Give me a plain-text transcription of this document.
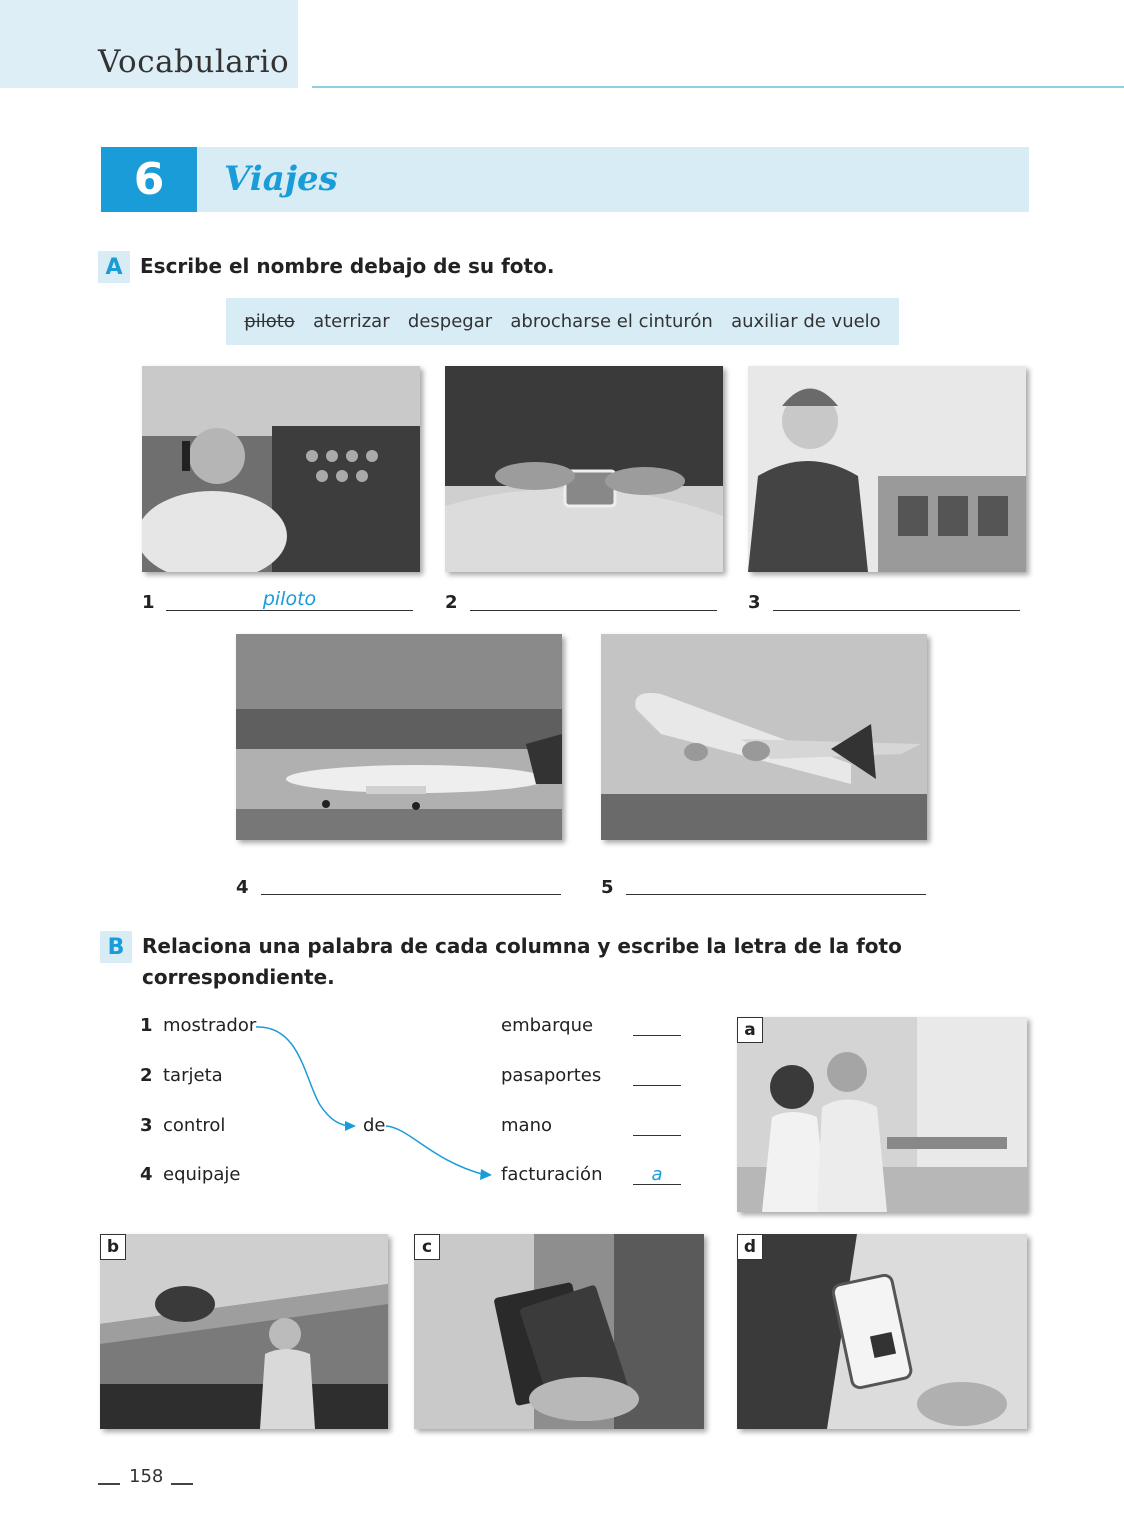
Vocabulario
6	Viajes
A Escribe el nombre debajo de su foto.
piloto aterrizar despegar abrocharse el cinturón auxiliar de vuelo
1	piloto	2	3
4	5
B Relaciona una palabra de cada columna y escribe la letra de la foto
correspondiente.
1 mostrador
2 tarjeta
3 control
4 equipaje
de
embarque
pasaportes
mano
facturación	a
a
b	c	d
158
